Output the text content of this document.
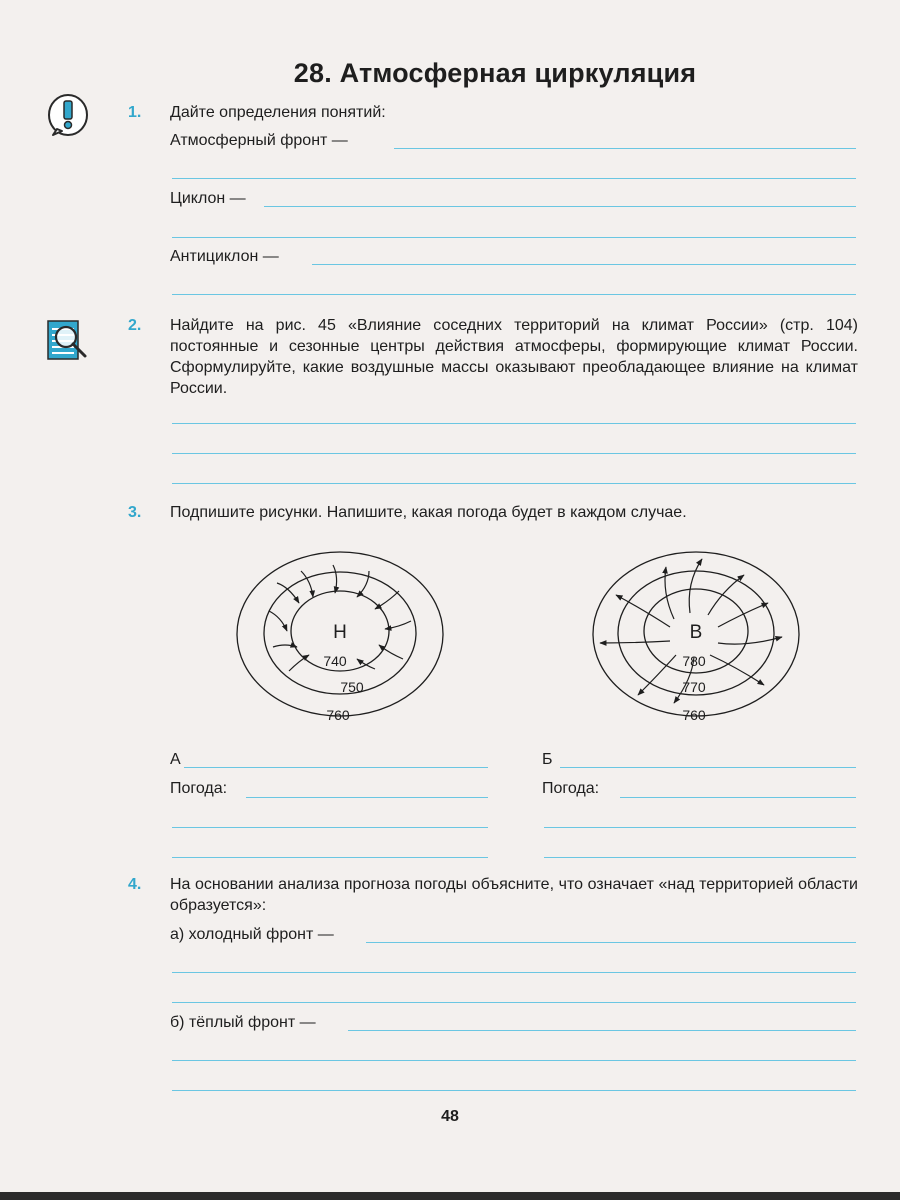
28. Атмосферная циркуляция
1. Дайте определения понятий:
Атмосферный фронт —
Циклон —
Антициклон —
2. Найдите на рис. 45 «Влияние соседних территорий на климат России» (стр. 104) постоянные и сезонные центры действия атмосферы, формирующие климат России. Сформулируйте, какие воздушные массы оказывают преобладающее влияние на климат России.
3. Подпишите рисунки. Напишите, какая погода будет в каждом случае.
Н
740
750
760
В
780
770
760
А	Б
Погода:	Погода:
4. На основании анализа прогноза погоды объясните, что означает «над территорией области образуется»:
а) холодный фронт —
б) тёплый фронт —
48
